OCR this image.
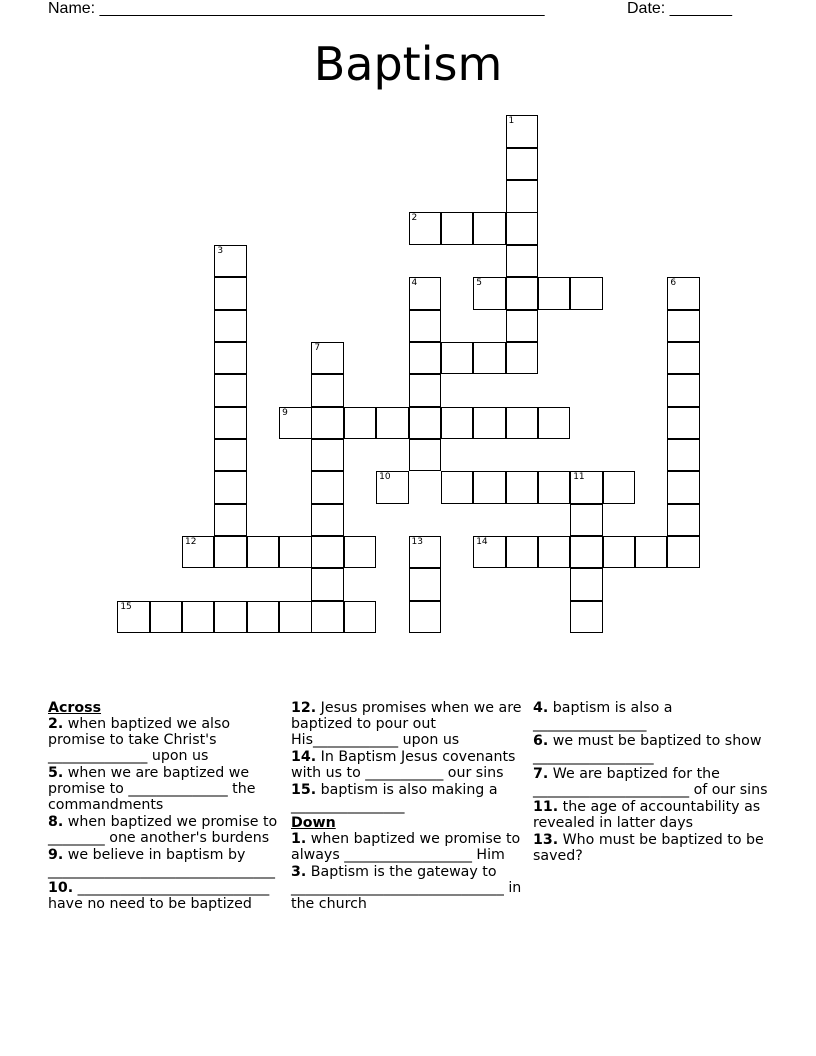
Name: __________________________________________________	Date: _______
Baptism
1
2
3
4	5	6
7
9
10	11
12	13	14
15

Across

2. when baptized we also promise to take Christ's ______________ upon us

5. when we are baptized we promise to ______________ the commandments

8. when baptized we promise to ________ one another's burdens

9. we believe in baptism by ________________________________

10. ___________________________ have no need to be baptized

12. Jesus promises when we are baptized to pour out His____________ upon us

14. In Baptism Jesus covenants with us to ___________ our sins

15. baptism is also making a ________________

Down

1. when baptized we promise to always __________________ Him

3. Baptism is the gateway to ______________________________ in the church

4. baptism is also a ________________

6. we must be baptized to show _________________

7. We are baptized for the ______________________ of our sins

11. the age of accountability as revealed in latter days

13. Who must be baptized to be saved?
